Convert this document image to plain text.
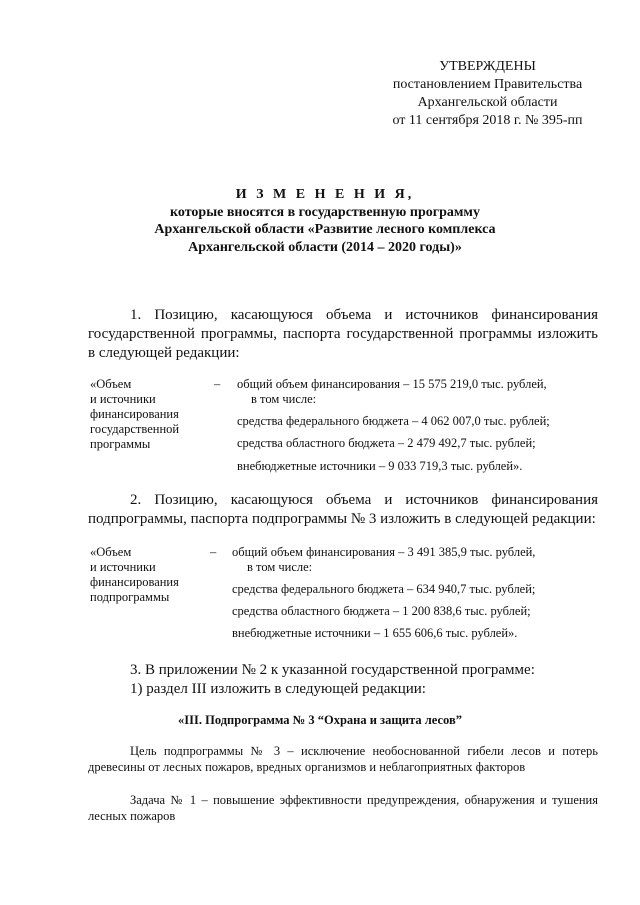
УТВЕРЖДЕНЫ
постановлением Правительства
Архангельской области
от 11 сентября 2018 г. № 395-пп
И З М Е Н Е Н И Я,
которые вносятся в государственную программу
Архангельской области «Развитие лесного комплекса
Архангельской области (2014 – 2020 годы)»
1. Позицию, касающуюся объема и источников финансирования
государственной программы, паспорта государственной программы изложить
в следующей редакции:
«Объем
и источники
финансирования
государственной
программы
– общий объем финансирования – 15 575 219,0 тыс. рублей,
в том числе:
средства федерального бюджета – 4 062 007,0 тыс. рублей;
средства областного бюджета – 2 479 492,7 тыс. рублей;
внебюджетные источники – 9 033 719,3 тыс. рублей».
2. Позицию, касающуюся объема и источников финансирования
подпрограммы, паспорта подпрограммы № 3 изложить в следующей редакции:
«Объем
и источники
финансирования
подпрограммы
– общий объем финансирования – 3 491 385,9 тыс. рублей,
в том числе:
средства федерального бюджета – 634 940,7 тыс. рублей;
средства областного бюджета – 1 200 838,6 тыс. рублей;
внебюджетные источники – 1 655 606,6 тыс. рублей».
3. В приложении № 2 к указанной государственной программе:
1) раздел III изложить в следующей редакции:
«III. Подпрограмма № 3 “Охрана и защита лесов”
Цель подпрограммы № 3 – исключение необоснованной гибели лесов и потерь
древесины от лесных пожаров, вредных организмов и неблагоприятных факторов
Задача № 1 – повышение эффективности предупреждения, обнаружения и тушения
лесных пожаров
